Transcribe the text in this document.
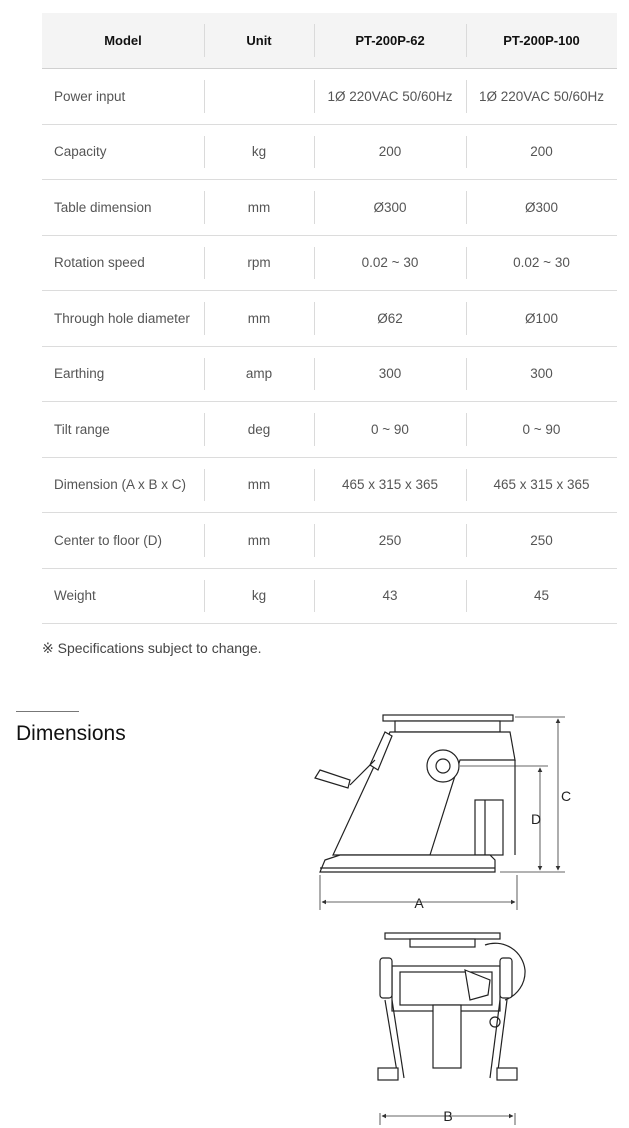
Model	Unit	PT-200P-62	PT-200P-100
Power input		1Ø 220VAC 50/60Hz	1Ø 220VAC 50/60Hz
Capacity	kg	200	200
Table dimension	mm	Ø300	Ø300
Rotation speed	rpm	0.02 ~ 30	0.02 ~ 30
Through hole diameter	mm	Ø62	Ø100
Earthing	amp	300	300
Tilt range	deg	0 ~ 90	0 ~ 90
Dimension (A x B x C)	mm	465 x 315 x 365	465 x 315 x 365
Center to floor (D)	mm	250	250
Weight	kg	43	45
※ Specifications subject to change.
Dimensions
A
C
D
B
